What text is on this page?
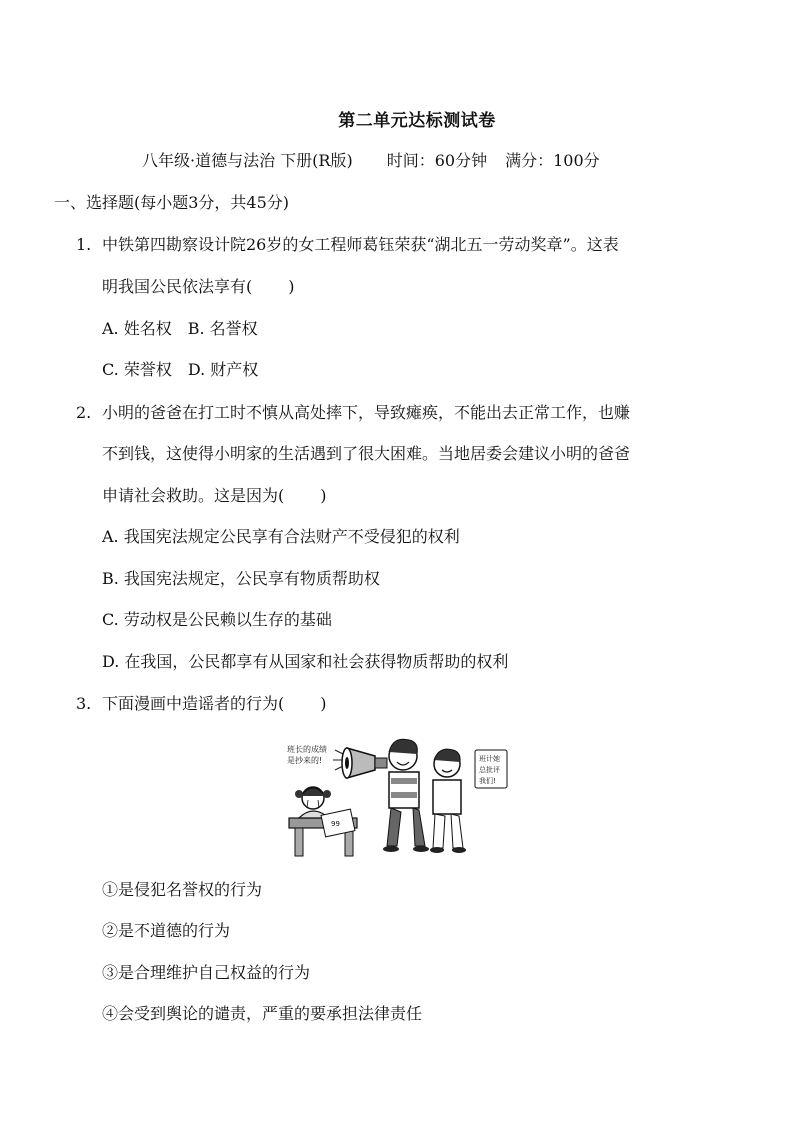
第二单元达标测试卷
八年级·道德与法治 下册(R版) 时间：60分钟 满分：100分
一、选择题(每小题3分，共45分)
1. 中铁第四勘察设计院26岁的女工程师葛钰荣获“湖北五一劳动奖章”。这表
明我国公民依法享有( )
A. 姓名权　B. 名誉权
C. 荣誉权　D. 财产权
2. 小明的爸爸在打工时不慎从高处摔下，导致瘫痪，不能出去正常工作，也赚
不到钱，这使得小明家的生活遇到了很大困难。当地居委会建议小明的爸爸
申请社会救助。这是因为( )
A. 我国宪法规定公民享有合法财产不受侵犯的权利
B. 我国宪法规定，公民享有物质帮助权
C. 劳动权是公民赖以生存的基础
D. 在我国，公民都享有从国家和社会获得物质帮助的权利
3. 下面漫画中造谣者的行为( )
班长的成绩
是抄来的!
99
班计她
总批评
我们!
①是侵犯名誉权的行为
②是不道德的行为
③是合理维护自己权益的行为
④会受到舆论的谴责，严重的要承担法律责任
